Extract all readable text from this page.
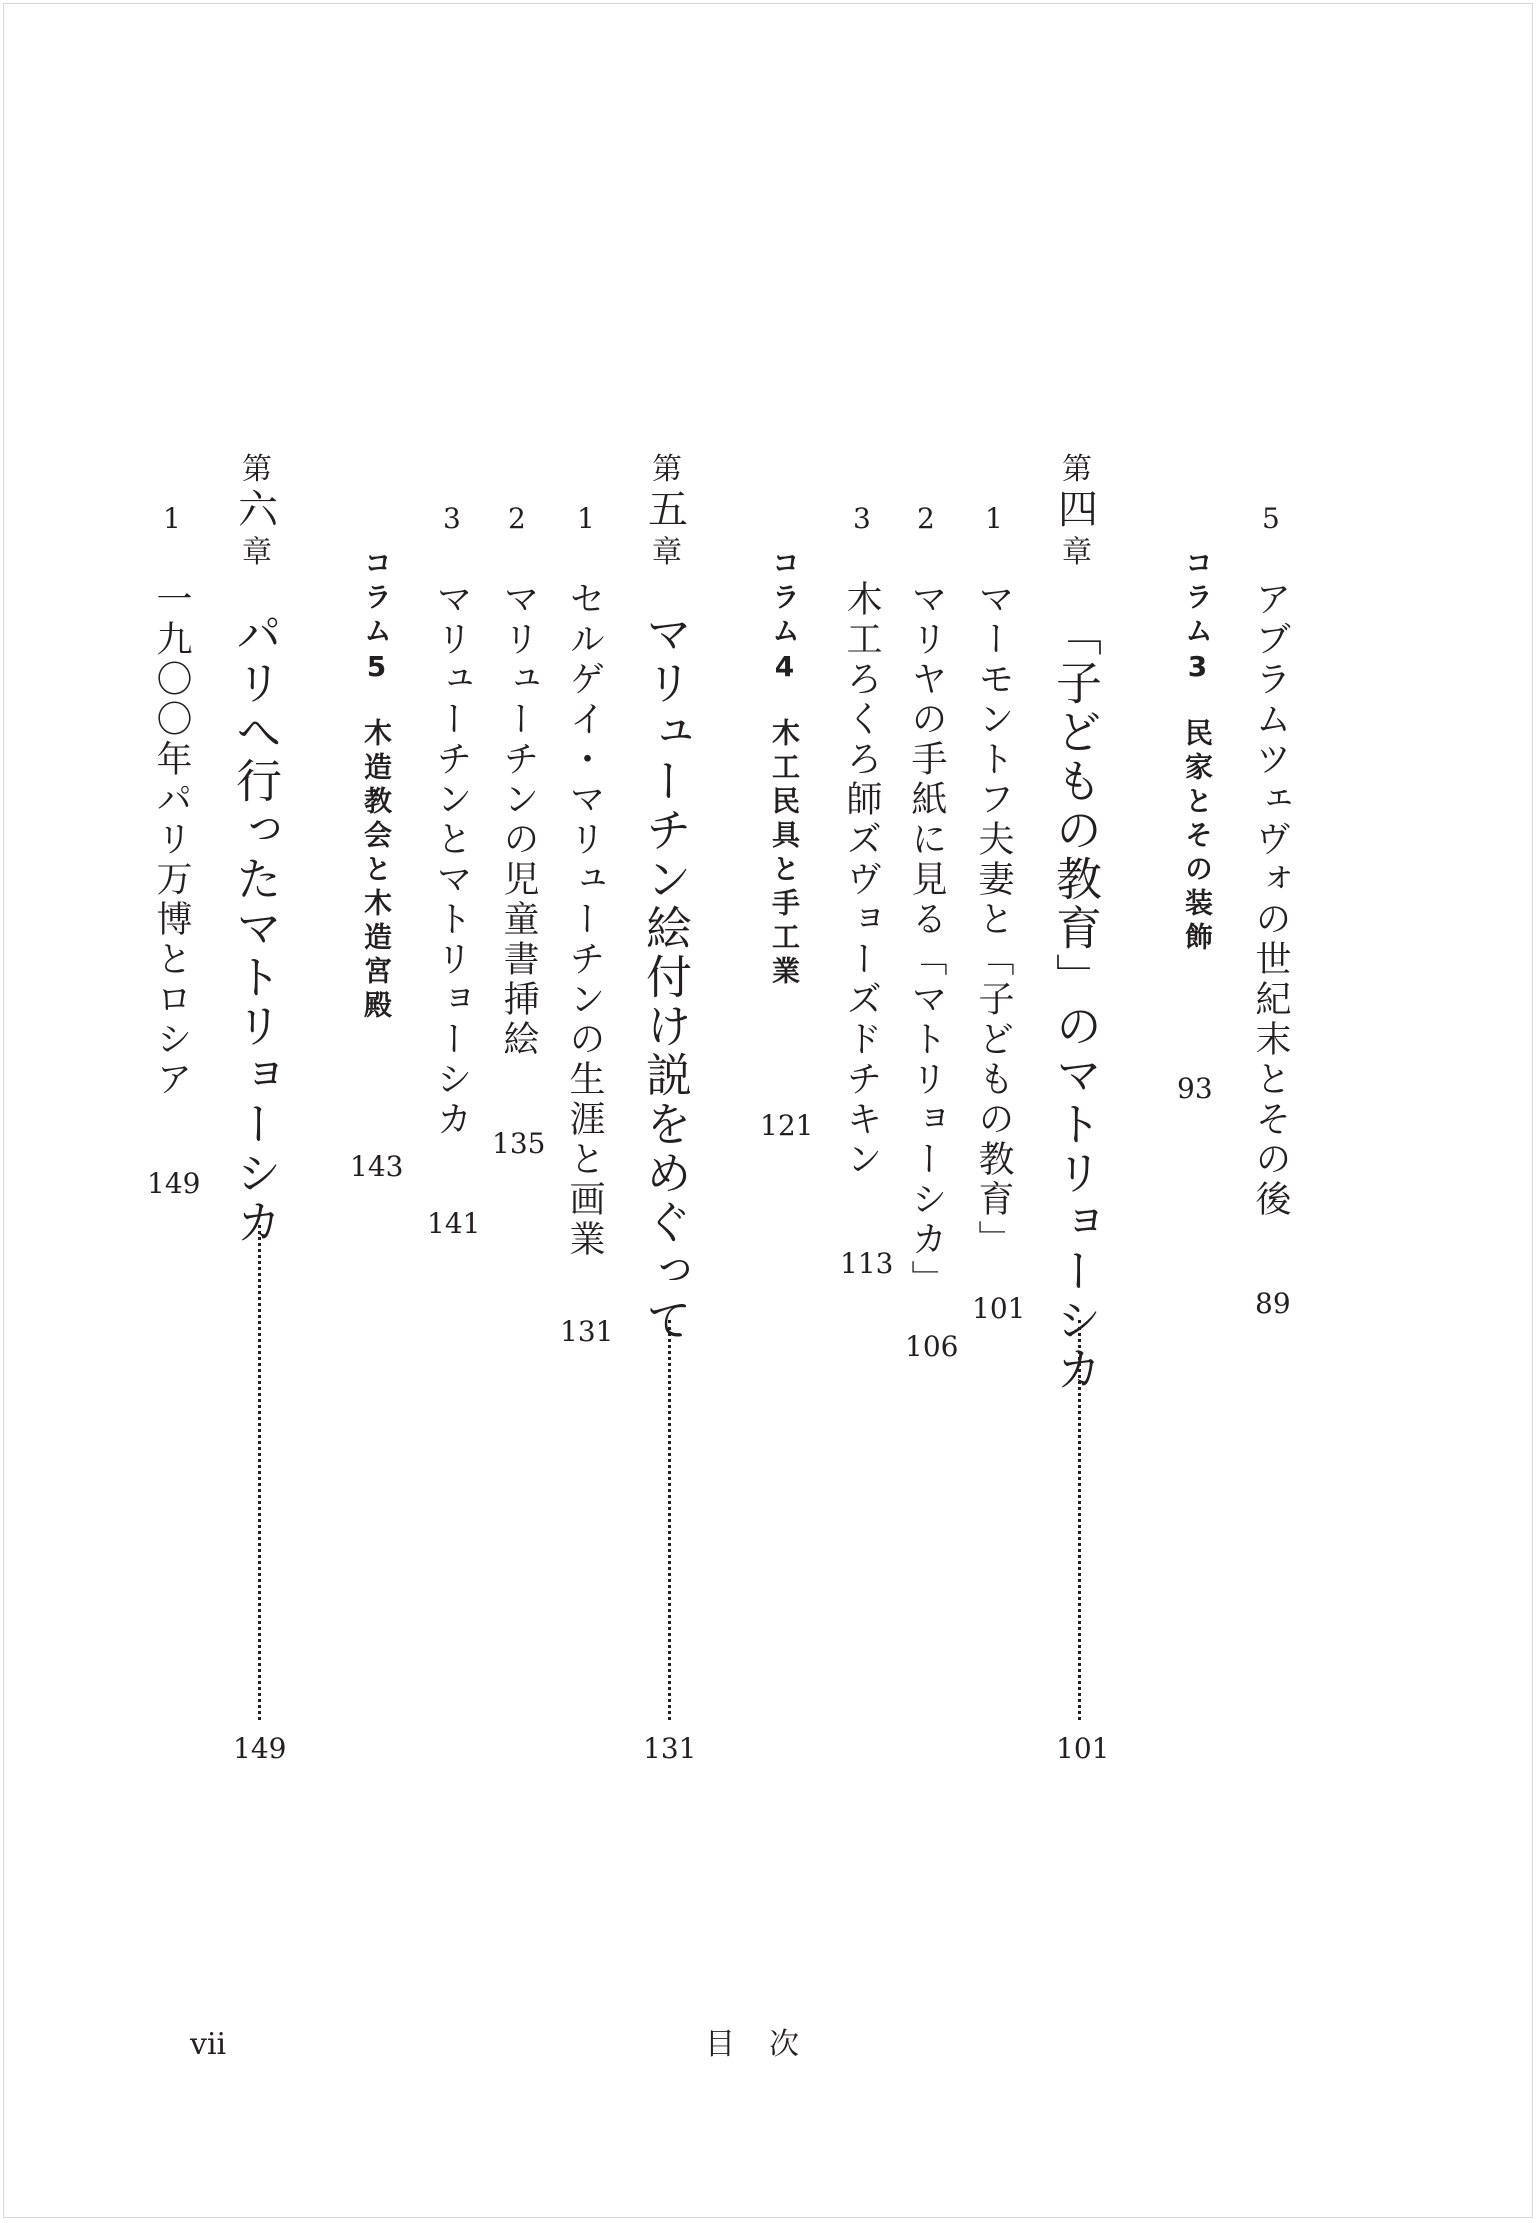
5
アブラムツェヴォの世紀末とその後
89
コラム3
民家とその装飾
93
第
四
章
「子どもの教育」のマトリョーシカ
101
1
マーモントフ夫妻と「子どもの教育」
101
2
マリヤの手紙に見る「マトリョーシカ」
106
3
木工ろくろ師ズヴョーズドチキン
113
コラム4
木工民具と手工業
121
第
五
章
マリューチン絵付け説をめぐって
131
1
セルゲイ・マリューチンの生涯と画業
131
2
マリューチンの児童書挿絵
135
3
マリューチンとマトリョーシカ
141
コラム5
木造教会と木造宮殿
143
第
六
章
パリへ行ったマトリョーシカ
149
1
一九〇〇年パリ万博とロシア
149
vii	目　次
